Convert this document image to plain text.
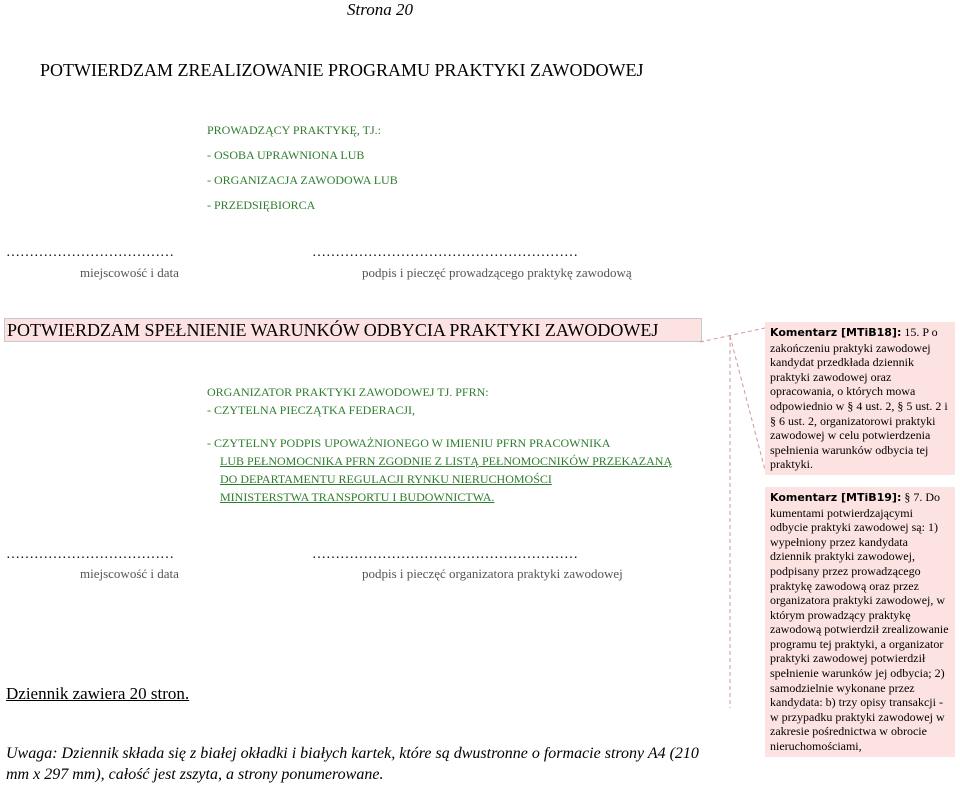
Strona 20
POTWIERDZAM ZREALIZOWANIE PROGRAMU PRAKTYKI ZAWODOWEJ
PROWADZĄCY PRAKTYKĘ, TJ.:
- OSOBA UPRAWNIONA LUB
- ORGANIZACJA ZAWODOWA LUB
- PRZEDSIĘBIORCA
………………………………	…………………………………………………
miejscowość i data	podpis i pieczęć prowadzącego praktykę zawodową
POTWIERDZAM SPEŁNIENIE WARUNKÓW ODBYCIA PRAKTYKI ZAWODOWEJ
ORGANIZATOR PRAKTYKI ZAWODOWEJ TJ. PFRN:
- CZYTELNA PIECZĄTKA FEDERACJI,
- CZYTELNY PODPIS UPOWAŻNIONEGO W IMIENIU PFRN PRACOWNIKA
LUB PEŁNOMOCNIKA PFRN ZGODNIE Z LISTĄ PEŁNOMOCNIKÓW PRZEKAZANĄ
DO DEPARTAMENTU REGULACJI RYNKU NIERUCHOMOŚCI
MINISTERSTWA TRANSPORTU I BUDOWNICTWA.
………………………………	…………………………………………………
miejscowość i data	podpis i pieczęć organizatora praktyki zawodowej
Dziennik zawiera 20 stron.
Uwaga: Dziennik składa się z białej okładki i białych kartek, które są dwustronne o formacie strony A4 (210 mm x 297 mm), całość jest zszyta, a strony ponumerowane.
Komentarz [MTiB18]: 15. P o zakończeniu praktyki zawodowej kandydat przedkłada dziennik praktyki zawodowej oraz opracowania, o których mowa odpowiednio w § 4 ust. 2, § 5 ust. 2 i § 6 ust. 2, organizatorowi praktyki zawodowej w celu potwierdzenia spełnienia warunków odbycia tej praktyki.
Komentarz [MTiB19]: § 7. Do kumentami potwierdzającymi odbycie praktyki zawodowej są: 1) wypełniony przez kandydata dziennik praktyki zawodowej, podpisany przez prowadzącego praktykę zawodową oraz przez organizatora praktyki zawodowej, w którym prowadzący praktykę zawodową potwierdził zrealizowanie programu tej praktyki, a organizator praktyki zawodowej potwierdził spełnienie warunków jej odbycia; 2) samodzielnie wykonane przez kandydata: b) trzy opisy transakcji - w przypadku praktyki zawodowej w zakresie pośrednictwa w obrocie nieruchomościami,
